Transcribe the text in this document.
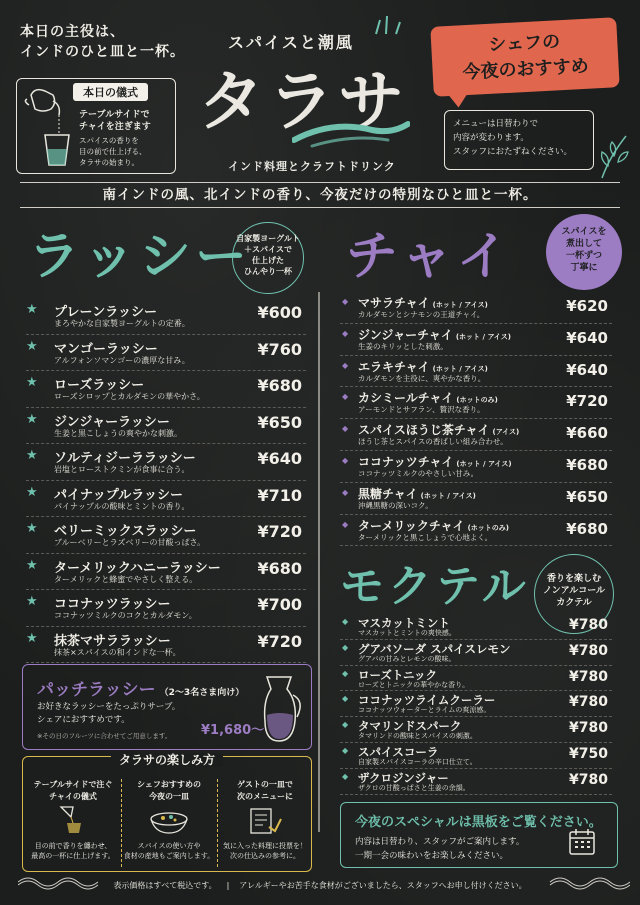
本日の主役は、
インドのひと皿と一杯。
本日の儀式
テーブルサイドで
チャイを注ぎます
スパイスの香りを
目の前で仕上げる、
タラサの始まり。
スパイスと潮風
タラサ
インド料理とクラフトドリンク
シェフの
今夜のおすすめ
メニューは日替わりで
内容が変わります。
スタッフにおたずねください。
南インドの風、北インドの香り、今夜だけの特別なひと皿と一杯。
ラッシー
自家製ヨーグルト
＋スパイスで
仕上げた
ひんやり一杯
★ プレーンラッシー
まろやかな自家製ヨーグルトの定番。
¥600
★ マンゴーラッシー
アルフォンソマンゴーの濃厚な甘み。
¥760
★ ローズラッシー
ローズシロップとカルダモンの華やかさ。
¥680
★ ジンジャーラッシー
生姜と黒こしょうの爽やかな刺激。
¥650
★ ソルティジーララッシー
岩塩とローストクミンが食事に合う。
¥640
★ パイナップルラッシー
パイナップルの酸味とミントの香り。
¥710
★ ベリーミックスラッシー
ブルーベリーとラズベリーの甘酸っぱさ。
¥720
★ ターメリックハニーラッシー
ターメリックと蜂蜜でやさしく整える。
¥680
★ ココナッツラッシー
ココナッツミルクのコクとカルダモン。
¥700
★ 抹茶マサララッシー
抹茶×スパイスの和インドな一杯。
¥720
パッチラッシー （2〜3名さま向け）
お好きなラッシーをたっぷりサーブ。
シェアにおすすめです。
※その日のフルーツに合わせてご用意します。 ¥1,680〜
タラサの楽しみ方
テーブルサイドで注ぐ
チャイの儀式
目の前で香りを纏わせ、
最高の一杯に仕上げます。
シェフおすすめの
今夜の一皿
スパイスの使い方や
食材の産地もご案内します。
ゲストの一皿で
次のメニューに
気に入った料理に投票を！
次の仕込みの参考に。
チャイ	スパイスを
煮出して
一杯ずつ
丁寧に
◆ マサラチャイ (ホット / アイス)
カルダモンとシナモンの王道チャイ。	¥620
◆ ジンジャーチャイ (ホット / アイス)
生姜のキリッとした刺激。	¥640
◆ エラキチャイ (ホット / アイス)
カルダモンを主役に、爽やかな香り。	¥640
◆ カシミールチャイ (ホットのみ)
アーモンドとサフラン、贅沢な香り。	¥720
◆ スパイスほうじ茶チャイ (アイス)
ほうじ茶とスパイスの香ばしい組み合わせ。	¥660
◆ ココナッツチャイ (ホット / アイス)
ココナッツミルクのやさしい甘み。	¥680
◆ 黒糖チャイ (ホット / アイス)
沖縄黒糖の深いコク。	¥650
◆ ターメリックチャイ (ホットのみ)
ターメリックと黒こしょうで心地よく。	¥680
モクテル	香りを楽しむ
ノンアルコール
カクテル
◆ マスカットミント
マスカットとミントの爽快感。	¥780
◆ グアバソーダ スパイスレモン
グアバの甘みとレモンの酸味。	¥780
◆ ローズトニック
ローズとトニックの華やかな香り。	¥780
◆ ココナッツライムクーラー
ココナッツウォーターとライムの爽涼感。	¥780
◆ タマリンドスパーク
タマリンドの酸味とスパイスの刺激。	¥780
◆ スパイスコーラ
自家製スパイスコーラの辛口仕立て。	¥750
◆ ザクロジンジャー
ザクロの甘酸っぱさと生姜の余韻。	¥780
今夜のスペシャルは黒板をご覧ください。
内容は日替わり、スタッフがご案内します。
一期一会の味わいをお楽しみください。
表示価格はすべて税込です。 | アレルギーやお苦手な食材がございましたら、スタッフへお申し付けください。
